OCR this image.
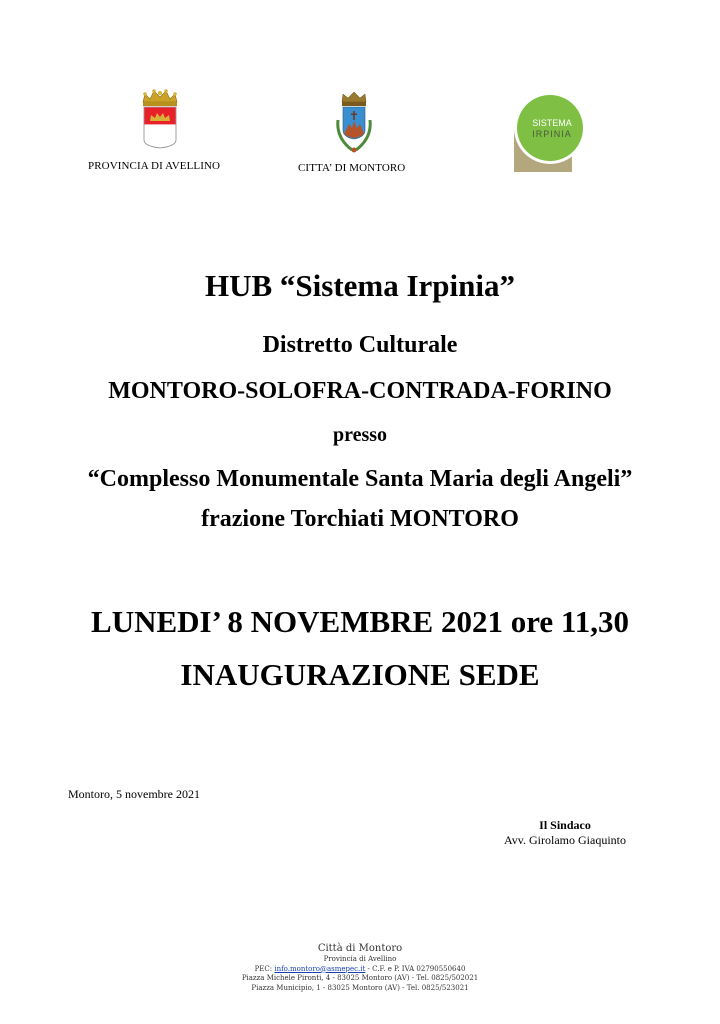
PROVINCIA DI AVELLINO	CITTA’ DI MONTORO
SISTEMA
IRPINIA
HUB “Sistema Irpinia”
Distretto Culturale
MONTORO-SOLOFRA-CONTRADA-FORINO
presso
“Complesso Monumentale Santa Maria degli Angeli”
frazione Torchiati MONTORO
LUNEDI’ 8 NOVEMBRE 2021 ore 11,30
INAUGURAZIONE SEDE
Montoro, 5 novembre 2021
Il Sindaco
Avv. Girolamo Giaquinto
Città di Montoro
Provincia di Avellino
PEC: info.montoro@asmepec.it - C.F. e P. IVA 02790550640
Piazza Michele Pironti, 4 - 83025 Montoro (AV) - Tel. 0825/502021
Piazza Municipio, 1 - 83025 Montoro (AV) - Tel. 0825/523021
